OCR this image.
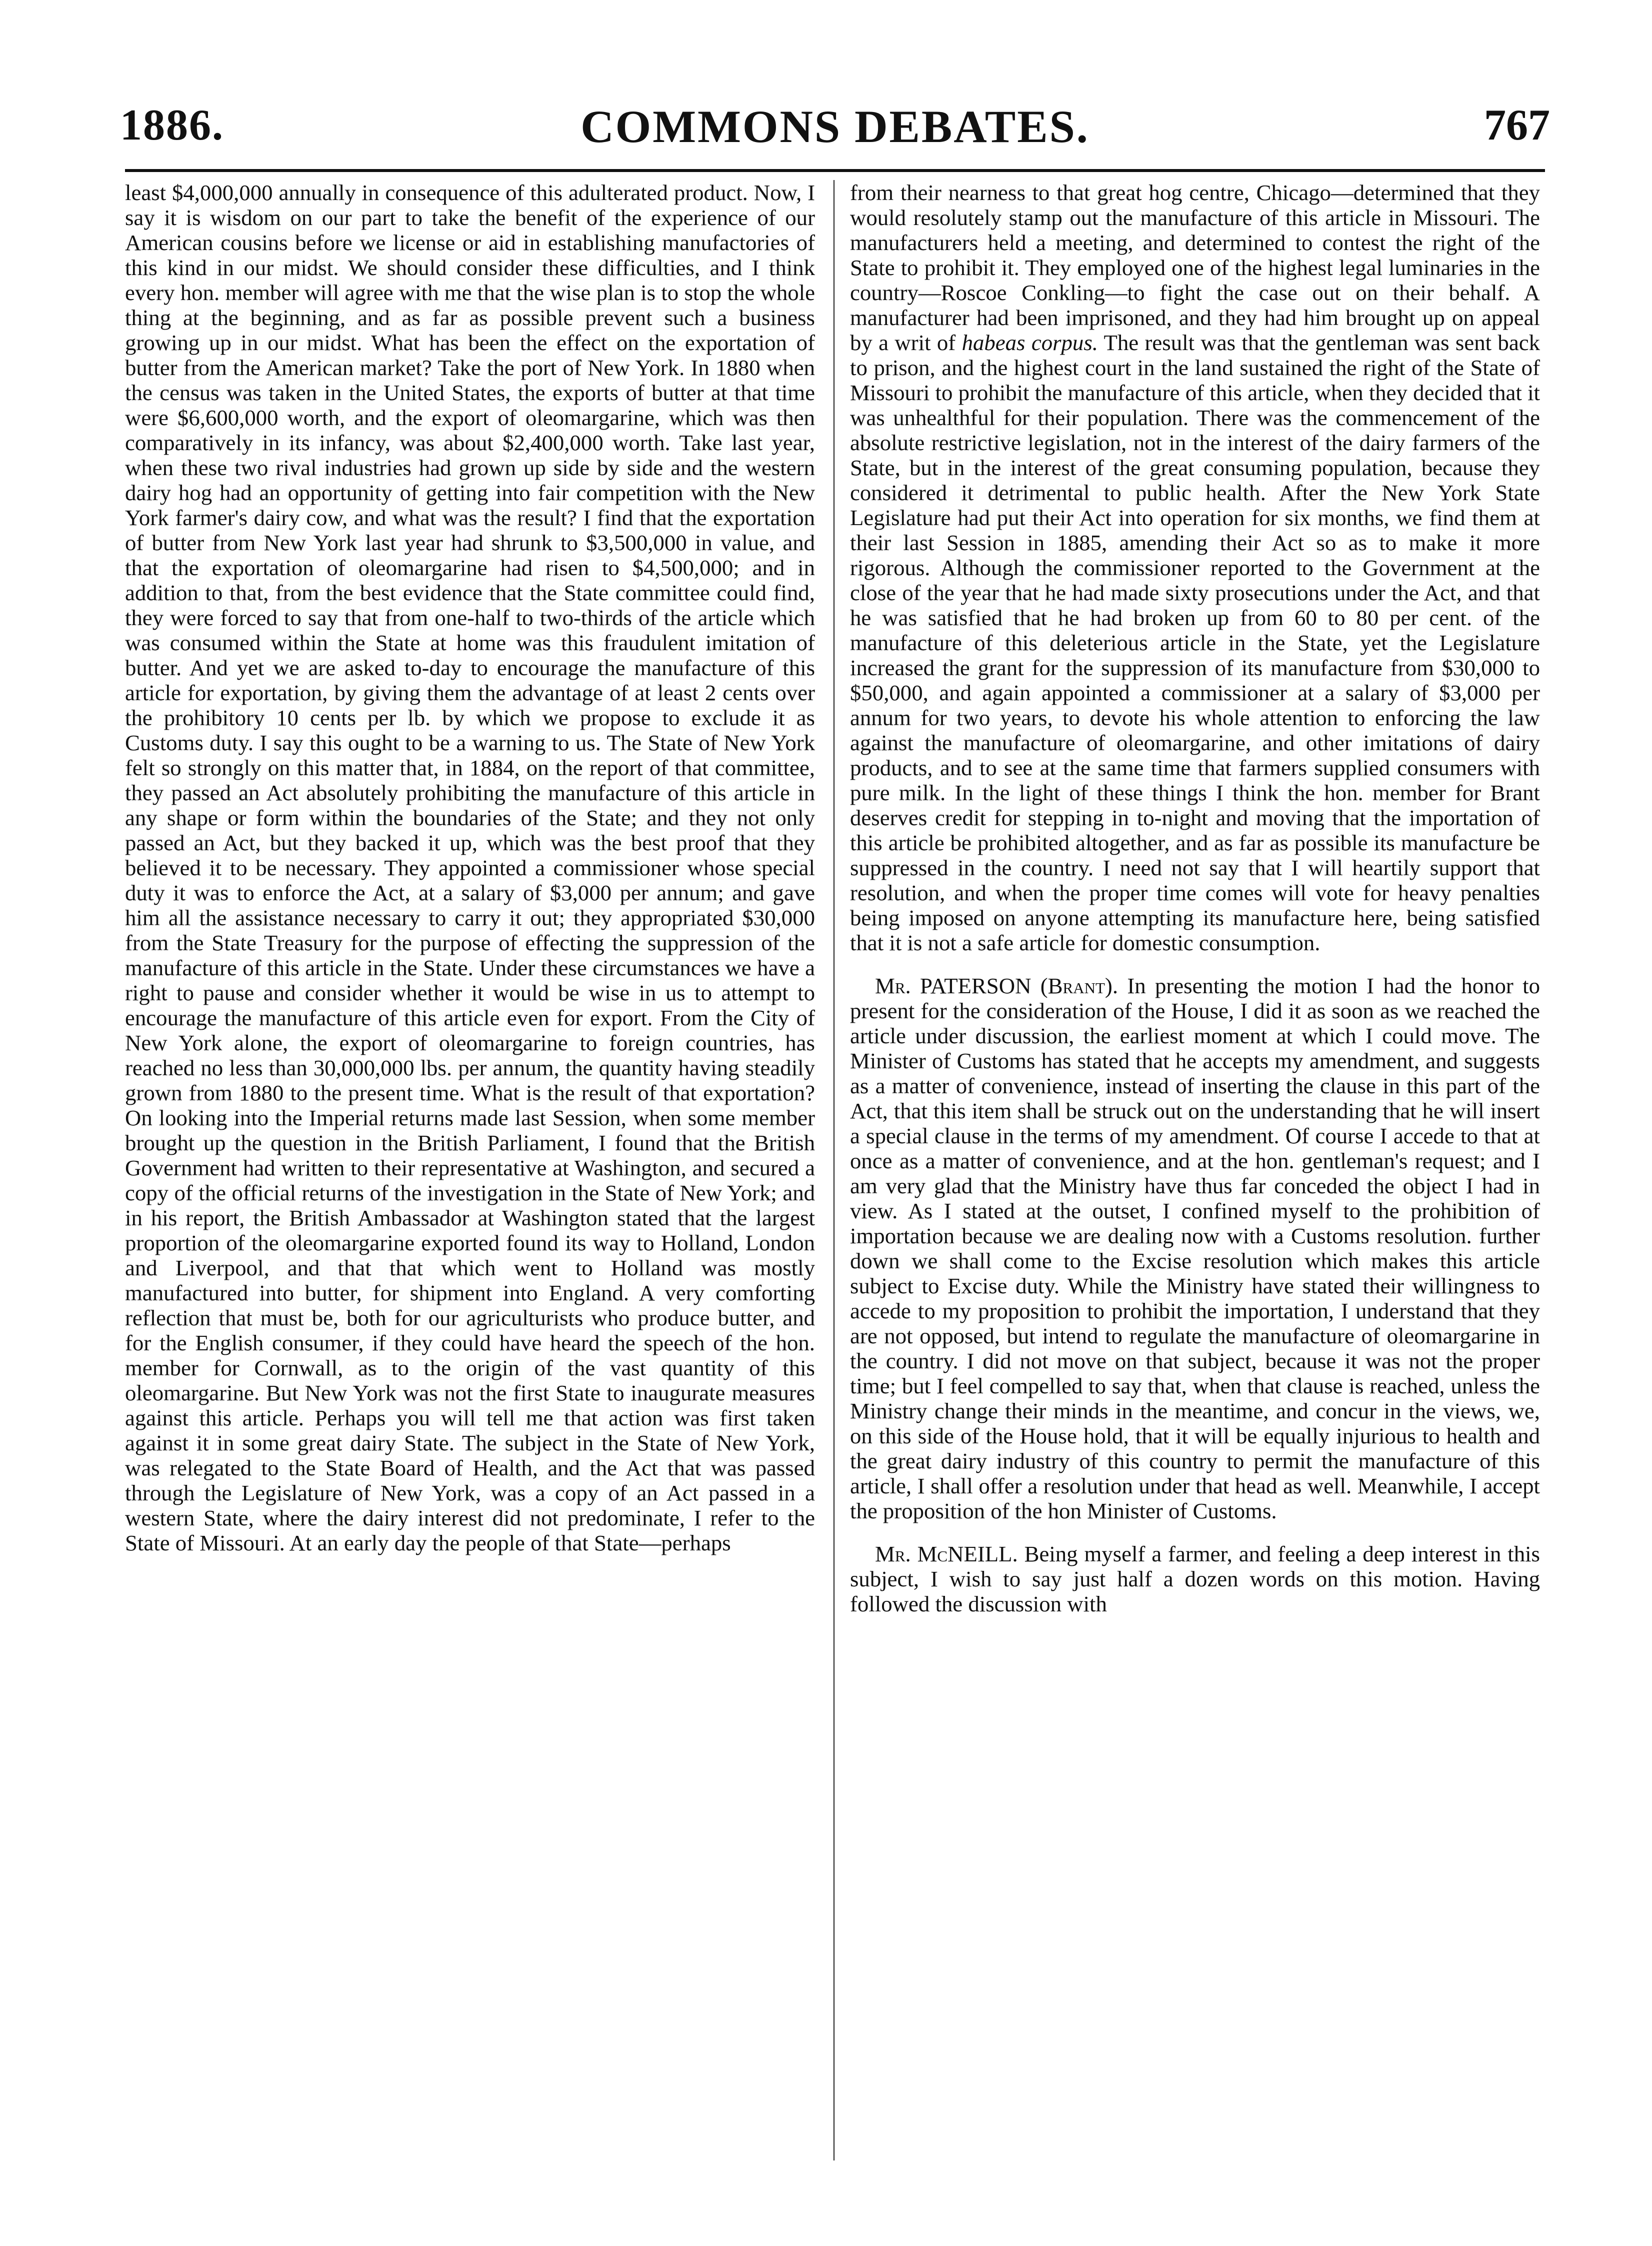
1886.	COMMONS DEBATES.	767

least $4,000,000 annually in consequence of this adulterated product. Now, I say it is wisdom on our part to take the benefit of the experience of our American cousins before we license or aid in establishing manufactories of this kind in our midst. We should consider these difficulties, and I think every hon. member will agree with me that the wise plan is to stop the whole thing at the beginning, and as far as possible prevent such a business growing up in our midst. What has been the effect on the exportation of butter from the American market? Take the port of New York. In 1880 when the census was taken in the United States, the exports of butter at that time were $6,600,000 worth, and the export of oleomargarine, which was then comparatively in its infancy, was about $2,400,000 worth. Take last year, when these two rival industries had grown up side by side and the western dairy hog had an opportunity of getting into fair competition with the New York farmer's dairy cow, and what was the result? I find that the exportation of butter from New York last year had shrunk to $3,500,000 in value, and that the exportation of oleomargarine had risen to $4,500,000; and in addition to that, from the best evidence that the State committee could find, they were forced to say that from one-half to two-thirds of the article which was consumed within the State at home was this fraudulent imitation of butter. And yet we are asked to-day to encourage the manufacture of this article for exportation, by giving them the advantage of at least 2 cents over the prohibitory 10 cents per lb. by which we propose to exclude it as Customs duty. I say this ought to be a warning to us. The State of New York felt so strongly on this matter that, in 1884, on the report of that committee, they passed an Act absolutely prohibiting the manufacture of this article in any shape or form within the boundaries of the State; and they not only passed an Act, but they backed it up, which was the best proof that they believed it to be necessary. They appointed a commissioner whose special duty it was to enforce the Act, at a salary of $3,000 per annum; and gave him all the assistance necessary to carry it out; they appropriated $30,000 from the State Treasury for the purpose of effecting the suppression of the manufacture of this article in the State. Under these circumstances we have a right to pause and consider whether it would be wise in us to attempt to encourage the manufacture of this article even for export. From the City of New York alone, the export of oleomargarine to foreign countries, has reached no less than 30,000,000 lbs. per annum, the quantity having steadily grown from 1880 to the present time. What is the result of that exportation? On looking into the Imperial returns made last Session, when some member brought up the question in the British Parliament, I found that the British Government had written to their representative at Washington, and secured a copy of the official returns of the investigation in the State of New York; and in his report, the British Ambassador at Washington stated that the largest proportion of the oleomargarine exported found its way to Holland, London and Liverpool, and that that which went to Holland was mostly manufactured into butter, for shipment into England. A very comforting reflection that must be, both for our agriculturists who produce butter, and for the English consumer, if they could have heard the speech of the hon. member for Cornwall, as to the origin of the vast quantity of this oleomargarine. But New York was not the first State to inaugurate measures against this article. Perhaps you will tell me that action was first taken against it in some great dairy State. The subject in the State of New York, was relegated to the State Board of Health, and the Act that was passed through the Legislature of New York, was a copy of an Act passed in a western State, where the dairy interest did not predominate, I refer to the State of Missouri. At an early day the people of that State—perhaps

from their nearness to that great hog centre, Chicago—determined that they would resolutely stamp out the manufacture of this article in Missouri. The manufacturers held a meeting, and determined to contest the right of the State to prohibit it. They employed one of the highest legal luminaries in the country—Roscoe Conkling—to fight the case out on their behalf. A manufacturer had been imprisoned, and they had him brought up on appeal by a writ of habeas corpus. The result was that the gentleman was sent back to prison, and the highest court in the land sustained the right of the State of Missouri to prohibit the manufacture of this article, when they decided that it was unhealthful for their population. There was the commencement of the absolute restrictive legislation, not in the interest of the dairy farmers of the State, but in the interest of the great consuming population, because they considered it detrimental to public health. After the New York State Legislature had put their Act into operation for six months, we find them at their last Session in 1885, amending their Act so as to make it more rigorous. Although the commissioner reported to the Government at the close of the year that he had made sixty prosecutions under the Act, and that he was satisfied that he had broken up from 60 to 80 per cent. of the manufacture of this deleterious article in the State, yet the Legislature increased the grant for the suppression of its manufacture from $30,000 to $50,000, and again appointed a commissioner at a salary of $3,000 per annum for two years, to devote his whole attention to enforcing the law against the manufacture of oleomargarine, and other imitations of dairy products, and to see at the same time that farmers supplied consumers with pure milk. In the light of these things I think the hon. member for Brant deserves credit for stepping in to-night and moving that the importation of this article be prohibited altogether, and as far as possible its manufacture be suppressed in the country. I need not say that I will heartily support that resolution, and when the proper time comes will vote for heavy penalties being imposed on anyone attempting its manufacture here, being satisfied that it is not a safe article for domestic consumption.

Mr. PATERSON (Brant). In presenting the motion I had the honor to present for the consideration of the House, I did it as soon as we reached the article under discussion, the earliest moment at which I could move. The Minister of Customs has stated that he accepts my amendment, and suggests as a matter of convenience, instead of inserting the clause in this part of the Act, that this item shall be struck out on the understanding that he will insert a special clause in the terms of my amendment. Of course I accede to that at once as a matter of convenience, and at the hon. gentleman's request; and I am very glad that the Ministry have thus far conceded the object I had in view. As I stated at the outset, I confined myself to the prohibition of importation because we are dealing now with a Customs resolution. further down we shall come to the Excise resolution which makes this article subject to Excise duty. While the Ministry have stated their willingness to accede to my proposition to prohibit the importation, I understand that they are not opposed, but intend to regulate the manufacture of oleomargarine in the country. I did not move on that subject, because it was not the proper time; but I feel compelled to say that, when that clause is reached, unless the Ministry change their minds in the meantime, and concur in the views, we, on this side of the House hold, that it will be equally injurious to health and the great dairy industry of this country to permit the manufacture of this article, I shall offer a resolution under that head as well. Meanwhile, I accept the proposition of the hon Minister of Customs.

Mr. McNEILL. Being myself a farmer, and feeling a deep interest in this subject, I wish to say just half a dozen words on this motion. Having followed the discussion with
